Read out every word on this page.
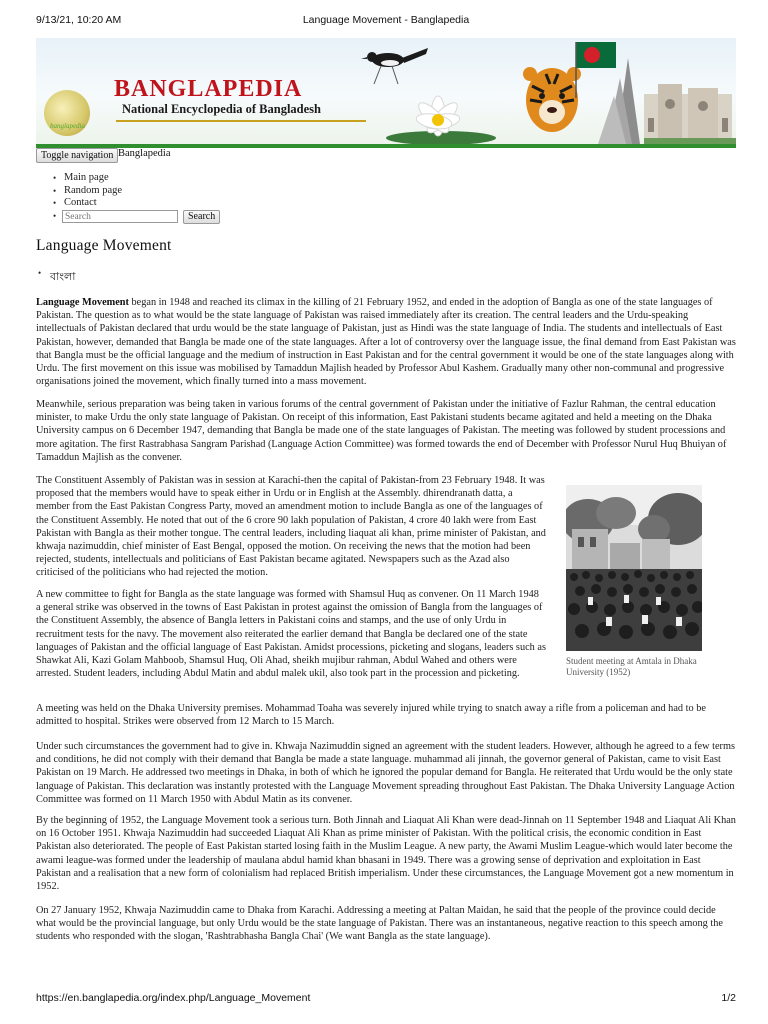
9/13/21, 10:20 AM	Language Movement - Banglapedia
banglapedia
BANGLAPEDIA
National Encyclopedia of Bangladesh
Toggle navigation Banglapedia
• Main page
• Random page
• Contact
Search
Search
Language Movement
• বাংলা

Language Movement began in 1948 and reached its climax in the killing of 21 February 1952, and ended in the adoption of Bangla as one of the state languages of Pakistan. The question as to what would be the state language of Pakistan was raised immediately after its creation. The central leaders and the Urdu-speaking intellectuals of Pakistan declared that urdu would be the state language of Pakistan, just as Hindi was the state language of India. The students and intellectuals of East Pakistan, however, demanded that Bangla be made one of the state languages. After a lot of controversy over the language issue, the final demand from East Pakistan was that Bangla must be the official language and the medium of instruction in East Pakistan and for the central government it would be one of the state languages along with Urdu. The first movement on this issue was mobilised by Tamaddun Majlish headed by Professor Abul Kashem. Gradually many other non-communal and progressive organisations joined the movement, which finally turned into a mass movement.

Meanwhile, serious preparation was being taken in various forums of the central government of Pakistan under the initiative of Fazlur Rahman, the central education minister, to make Urdu the only state language of Pakistan. On receipt of this information, East Pakistani students became agitated and held a meeting on the Dhaka University campus on 6 December 1947, demanding that Bangla be made one of the state languages of Pakistan. The meeting was followed by student processions and more agitation. The first Rastrabhasa Sangram Parishad (Language Action Committee) was formed towards the end of December with Professor Nurul Huq Bhuiyan of Tamaddun Majlish as the convener.

The Constituent Assembly of Pakistan was in session at Karachi-then the capital of Pakistan-from 23 February 1948. It was proposed that the members would have to speak either in Urdu or in English at the Assembly. dhirendranath datta, a member from the East Pakistan Congress Party, moved an amendment motion to include Bangla as one of the languages of the Constituent Assembly. He noted that out of the 6 crore 90 lakh population of Pakistan, 4 crore 40 lakh were from East Pakistan with Bangla as their mother tongue. The central leaders, including liaquat ali khan, prime minister of Pakistan, and khwaja nazimuddin, chief minister of East Bengal, opposed the motion. On receiving the news that the motion had been rejected, students, intellectuals and politicians of East Pakistan became agitated. Newspapers such as the Azad also criticised of the politicians who had rejected the motion.

A new committee to fight for Bangla as the state language was formed with Shamsul Huq as convener. On 11 March 1948 a general strike was observed in the towns of East Pakistan in protest against the omission of Bangla from the languages of the Constituent Assembly, the absence of Bangla letters in Pakistani coins and stamps, and the use of only Urdu in recruitment tests for the navy. The movement also reiterated the earlier demand that Bangla be declared one of the state languages of Pakistan and the official language of East Pakistan. Amidst processions, picketing and slogans, leaders such as Shawkat Ali, Kazi Golam Mahboob, Shamsul Huq, Oli Ahad, sheikh mujibur rahman, Abdul Wahed and others were arrested. Student leaders, including Abdul Matin and abdul malek ukil, also took part in the procession and picketing.

A meeting was held on the Dhaka University premises. Mohammad Toaha was severely injured while trying to snatch away a rifle from a policeman and had to be admitted to hospital. Strikes were observed from 12 March to 15 March.

Under such circumstances the government had to give in. Khwaja Nazimuddin signed an agreement with the student leaders. However, although he agreed to a few terms and conditions, he did not comply with their demand that Bangla be made a state language. muhammad ali jinnah, the governor general of Pakistan, came to visit East Pakistan on 19 March. He addressed two meetings in Dhaka, in both of which he ignored the popular demand for Bangla. He reiterated that Urdu would be the only state language of Pakistan. This declaration was instantly protested with the Language Movement spreading throughout East Pakistan. The Dhaka University Language Action Committee was formed on 11 March 1950 with Abdul Matin as its convener.

By the beginning of 1952, the Language Movement took a serious turn. Both Jinnah and Liaquat Ali Khan were dead-Jinnah on 11 September 1948 and Liaquat Ali Khan on 16 October 1951. Khwaja Nazimuddin had succeeded Liaquat Ali Khan as prime minister of Pakistan. With the political crisis, the economic condition in East Pakistan also deteriorated. The people of East Pakistan started losing faith in the Muslim League. A new party, the Awami Muslim League-which would later become the awami league-was formed under the leadership of maulana abdul hamid khan bhasani in 1949. There was a growing sense of deprivation and exploitation in East Pakistan and a realisation that a new form of colonialism had replaced British imperialism. Under these circumstances, the Language Movement got a new momentum in 1952.

On 27 January 1952, Khwaja Nazimuddin came to Dhaka from Karachi. Addressing a meeting at Paltan Maidan, he said that the people of the province could decide what would be the provincial language, but only Urdu would be the state language of Pakistan. There was an instantaneous, negative reaction to this speech among the students who responded with the slogan, 'Rashtrabhasha Bangla Chai' (We want Bangla as the state language).

Student meeting at Amtala in Dhaka University (1952)
https://en.banglapedia.org/index.php/Language_Movement	1/2
